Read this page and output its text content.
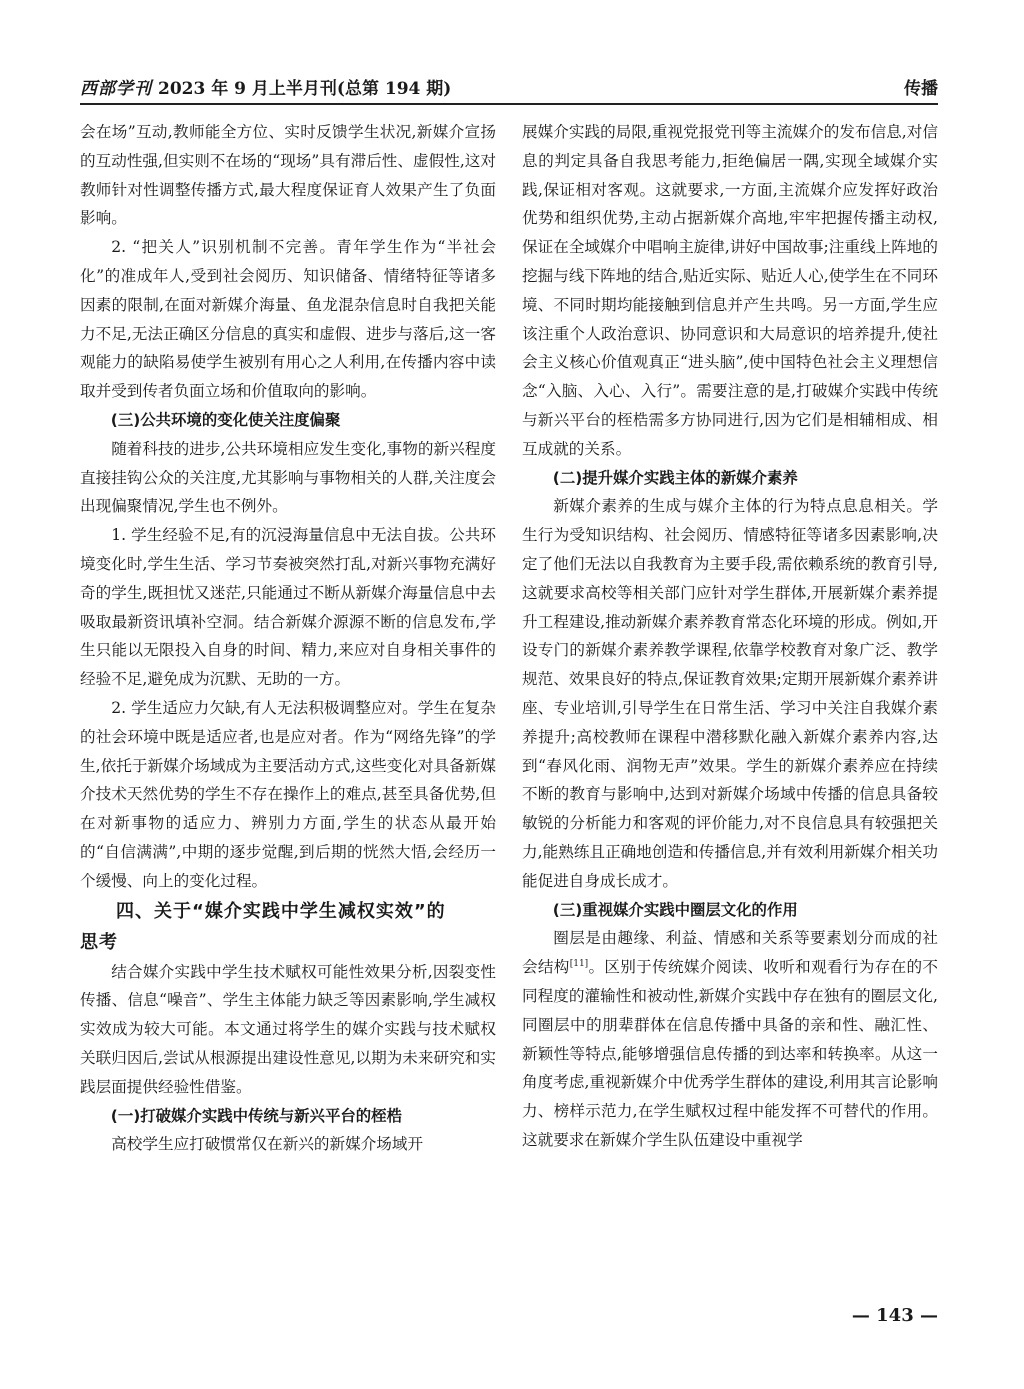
西部学刊 2023 年 9 月上半月刊(总第 194 期)	传播

会在场”互动,教师能全方位、实时反馈学生状况,新媒介宣扬的互动性强,但实则不在场的“现场”具有滞后性、虚假性,这对教师针对性调整传播方式,最大程度保证育人效果产生了负面影响。

2. “把关人”识别机制不完善。青年学生作为“半社会化”的准成年人,受到社会阅历、知识储备、情绪特征等诸多因素的限制,在面对新媒介海量、鱼龙混杂信息时自我把关能力不足,无法正确区分信息的真实和虚假、进步与落后,这一客观能力的缺陷易使学生被别有用心之人利用,在传播内容中读取并受到传者负面立场和价值取向的影响。

(三)公共环境的变化使关注度偏聚

随着科技的进步,公共环境相应发生变化,事物的新兴程度直接挂钩公众的关注度,尤其影响与事物相关的人群,关注度会出现偏聚情况,学生也不例外。

1. 学生经验不足,有的沉浸海量信息中无法自拔。公共环境变化时,学生生活、学习节奏被突然打乱,对新兴事物充满好奇的学生,既担忧又迷茫,只能通过不断从新媒介海量信息中去吸取最新资讯填补空洞。结合新媒介源源不断的信息发布,学生只能以无限投入自身的时间、精力,来应对自身相关事件的经验不足,避免成为沉默、无助的一方。

2. 学生适应力欠缺,有人无法积极调整应对。学生在复杂的社会环境中既是适应者,也是应对者。作为“网络先锋”的学生,依托于新媒介场域成为主要活动方式,这些变化对具备新媒介技术天然优势的学生不存在操作上的难点,甚至具备优势,但在对新事物的适应力、辨别力方面,学生的状态从最开始的“自信满满”,中期的逐步觉醒,到后期的恍然大悟,会经历一个缓慢、向上的变化过程。

四、关于“媒介实践中学生减权实效”的
思考

结合媒介实践中学生技术赋权可能性效果分析,因裂变性传播、信息“噪音”、学生主体能力缺乏等因素影响,学生减权实效成为较大可能。本文通过将学生的媒介实践与技术赋权关联归因后,尝试从根源提出建设性意见,以期为未来研究和实践层面提供经验性借鉴。

(一)打破媒介实践中传统与新兴平台的桎梏

高校学生应打破惯常仅在新兴的新媒介场域开

展媒介实践的局限,重视党报党刊等主流媒介的发布信息,对信息的判定具备自我思考能力,拒绝偏居一隅,实现全域媒介实践,保证相对客观。这就要求,一方面,主流媒介应发挥好政治优势和组织优势,主动占据新媒介高地,牢牢把握传播主动权,保证在全域媒介中唱响主旋律,讲好中国故事;注重线上阵地的挖掘与线下阵地的结合,贴近实际、贴近人心,使学生在不同环境、不同时期均能接触到信息并产生共鸣。另一方面,学生应该注重个人政治意识、协同意识和大局意识的培养提升,使社会主义核心价值观真正“进头脑”,使中国特色社会主义理想信念“入脑、入心、入行”。需要注意的是,打破媒介实践中传统与新兴平台的桎梏需多方协同进行,因为它们是相辅相成、相互成就的关系。

(二)提升媒介实践主体的新媒介素养

新媒介素养的生成与媒介主体的行为特点息息相关。学生行为受知识结构、社会阅历、情感特征等诸多因素影响,决定了他们无法以自我教育为主要手段,需依赖系统的教育引导,这就要求高校等相关部门应针对学生群体,开展新媒介素养提升工程建设,推动新媒介素养教育常态化环境的形成。例如,开设专门的新媒介素养教学课程,依靠学校教育对象广泛、教学规范、效果良好的特点,保证教育效果;定期开展新媒介素养讲座、专业培训,引导学生在日常生活、学习中关注自我媒介素养提升;高校教师在课程中潜移默化融入新媒介素养内容,达到“春风化雨、润物无声”效果。学生的新媒介素养应在持续不断的教育与影响中,达到对新媒介场域中传播的信息具备较敏锐的分析能力和客观的评价能力,对不良信息具有较强把关力,能熟练且正确地创造和传播信息,并有效利用新媒介相关功能促进自身成长成才。

(三)重视媒介实践中圈层文化的作用

圈层是由趣缘、利益、情感和关系等要素划分而成的社会结构[11]。区别于传统媒介阅读、收听和观看行为存在的不同程度的灌输性和被动性,新媒介实践中存在独有的圈层文化,同圈层中的朋辈群体在信息传播中具备的亲和性、融汇性、新颖性等特点,能够增强信息传播的到达率和转换率。从这一角度考虑,重视新媒介中优秀学生群体的建设,利用其言论影响力、榜样示范力,在学生赋权过程中能发挥不可替代的作用。这就要求在新媒介学生队伍建设中重视学

— 143 —
